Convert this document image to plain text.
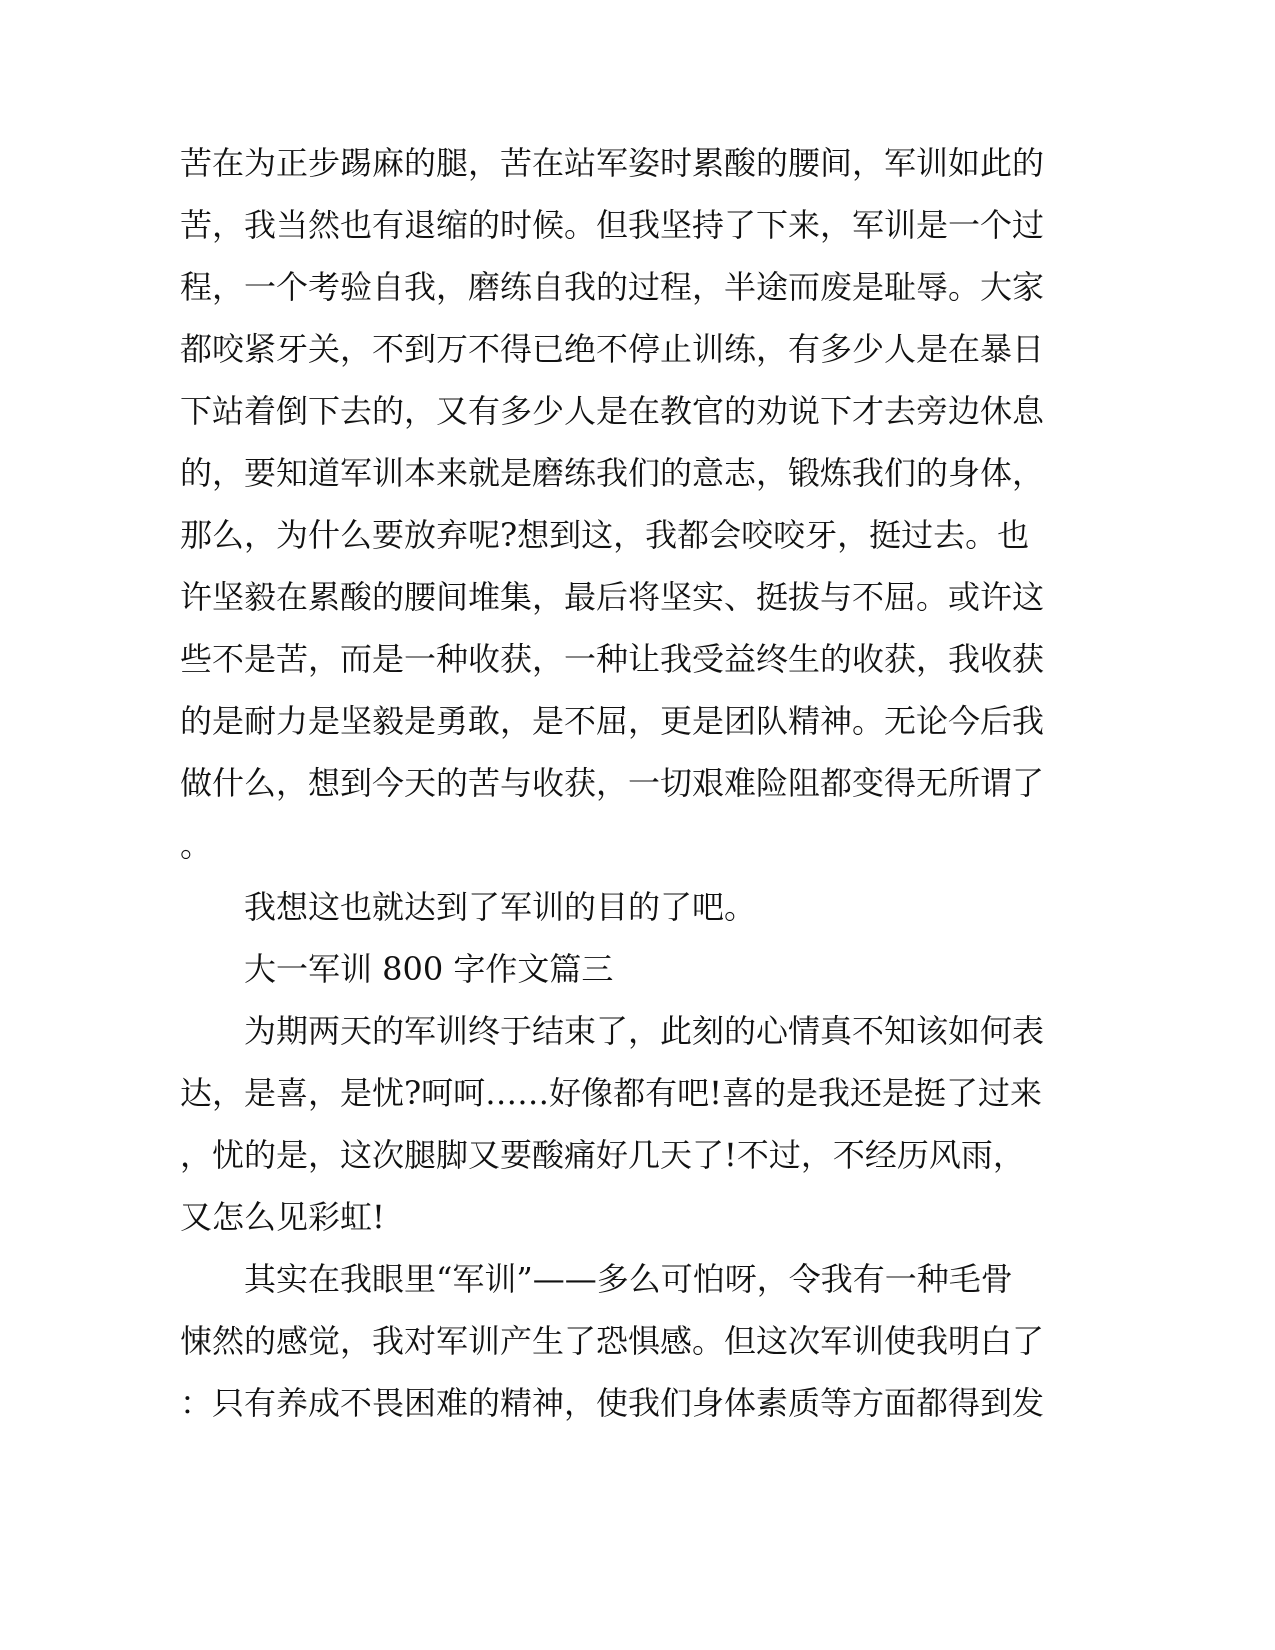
苦在为正步踢麻的腿，苦在站军姿时累酸的腰间，军训如此的
苦，我当然也有退缩的时候。但我坚持了下来，军训是一个过
程，一个考验自我，磨练自我的过程，半途而废是耻辱。大家
都咬紧牙关，不到万不得已绝不停止训练，有多少人是在暴日
下站着倒下去的，又有多少人是在教官的劝说下才去旁边休息
的，要知道军训本来就是磨练我们的意志，锻炼我们的身体，
那么，为什么要放弃呢?想到这，我都会咬咬牙，挺过去。也
许坚毅在累酸的腰间堆集，最后将坚实、挺拔与不屈。或许这
些不是苦，而是一种收获，一种让我受益终生的收获，我收获
的是耐力是坚毅是勇敢，是不屈，更是团队精神。无论今后我
做什么，想到今天的苦与收获，一切艰难险阻都变得无所谓了
。
我想这也就达到了军训的目的了吧。
大一军训 800 字作文篇三
为期两天的军训终于结束了，此刻的心情真不知该如何表
达，是喜，是忧?呵呵……好像都有吧!喜的是我还是挺了过来
，忧的是，这次腿脚又要酸痛好几天了!不过，不经历风雨，
又怎么见彩虹!
其实在我眼里“军训”——多么可怕呀，令我有一种毛骨
悚然的感觉，我对军训产生了恐惧感。但这次军训使我明白了
：只有养成不畏困难的精神，使我们身体素质等方面都得到发
